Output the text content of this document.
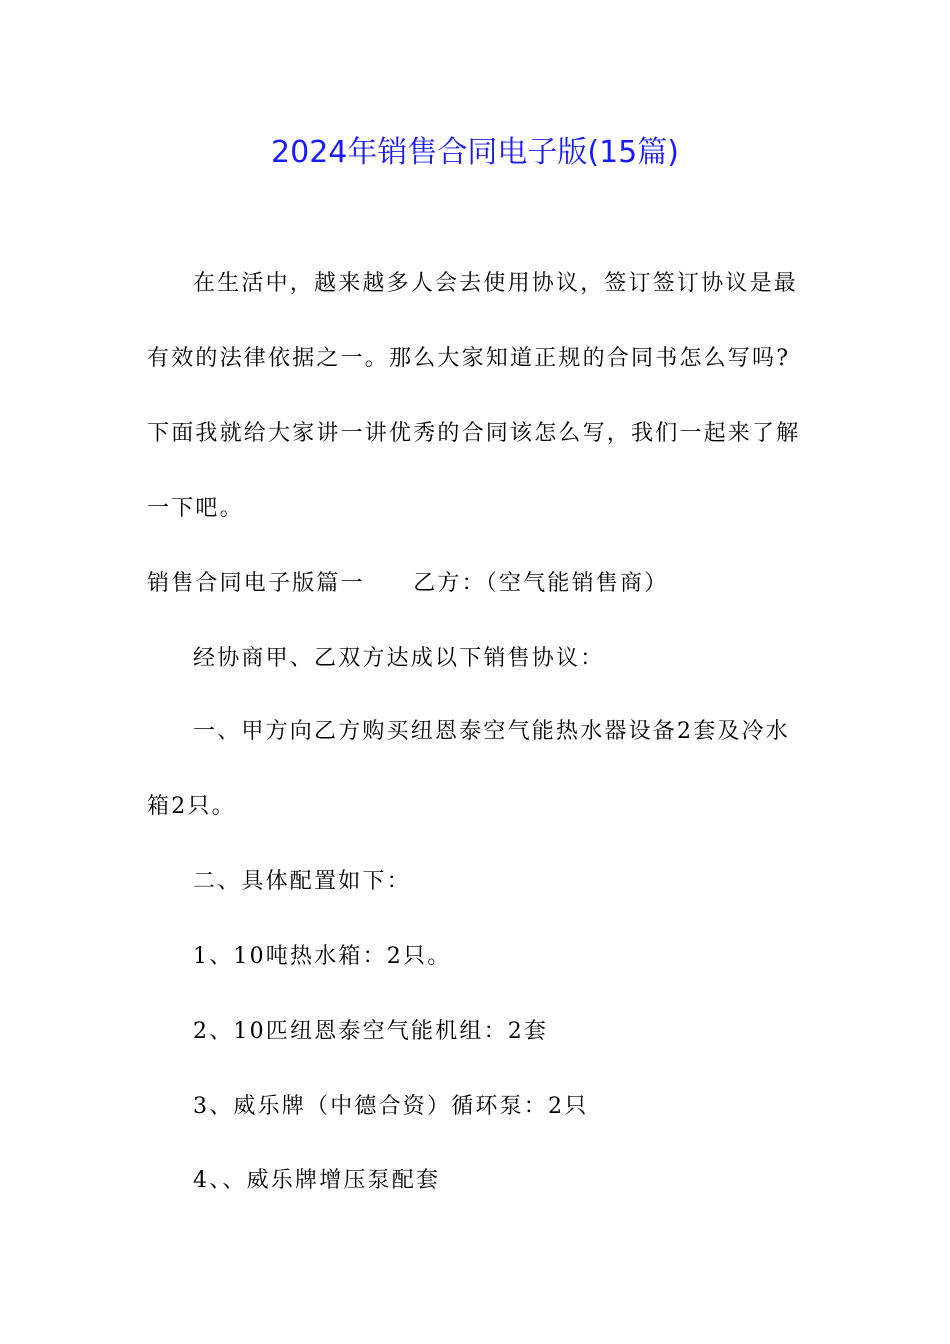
2024年销售合同电子版(15篇)
在生活中，越来越多人会去使用协议，签订签订协议是最
有效的法律依据之一。那么大家知道正规的合同书怎么写吗?
下面我就给大家讲一讲优秀的合同该怎么写，我们一起来了解
一下吧。
销售合同电子版篇一　　乙方：（空气能销售商）
经协商甲、乙双方达成以下销售协议：
一、甲方向乙方购买纽恩泰空气能热水器设备2套及冷水
箱2只。
二、具体配置如下：
1、10吨热水箱：2只。
2、10匹纽恩泰空气能机组：2套
3、威乐牌（中德合资）循环泵：2只
4、、威乐牌增压泵配套
